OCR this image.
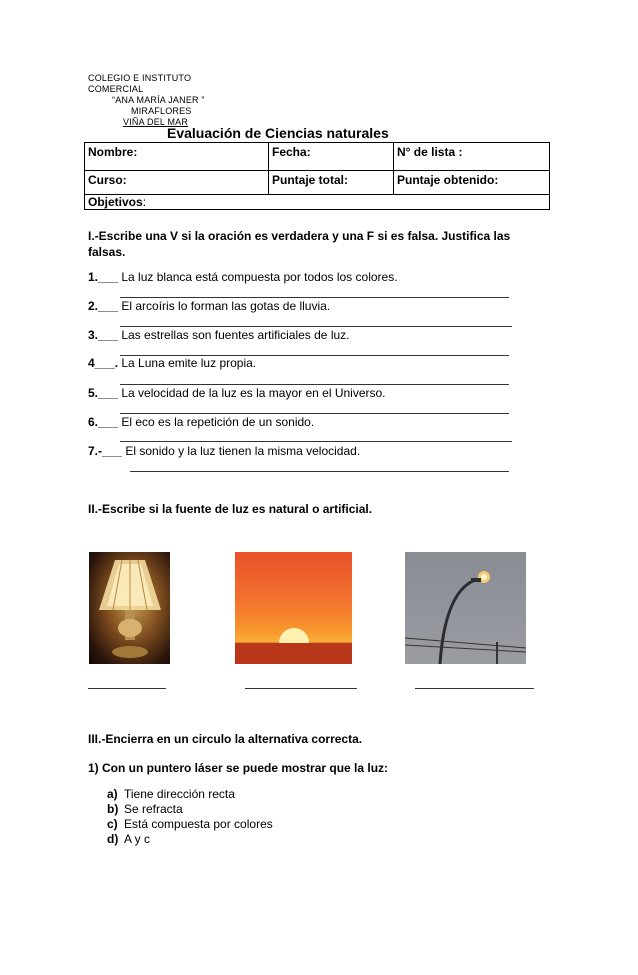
COLEGIO E INSTITUTO COMERCIAL
“ANA MARÍA JANER ”
MIRAFLORES
VIÑA DEL MAR
Evaluación de Ciencias naturales
Nombre:	Fecha:	N° de lista :
Curso:	Puntaje total:	Puntaje obtenido:
Objetivos:		
I.-Escribe una V si la oración es verdadera y una F si es falsa. Justifica las falsas.
1.___ La luz blanca está compuesta por todos los colores.
2.___ El arcoíris lo forman las gotas de lluvia.
3.___ Las estrellas son fuentes artificiales de luz.
4___. La Luna emite luz propia.
5.___ La velocidad de la luz es la mayor en el Universo.
6.___ El eco es la repetición de un sonido.
7.-___ El sonido y la luz tienen la misma velocidad.
II.-Escribe si la fuente de luz es natural o artificial.
III.-Encierra en un circulo la alternativa correcta.
1) Con un puntero láser se puede mostrar que la luz:
a) Tiene dirección recta
b) Se refracta
c) Está compuesta por colores
d) A y c
